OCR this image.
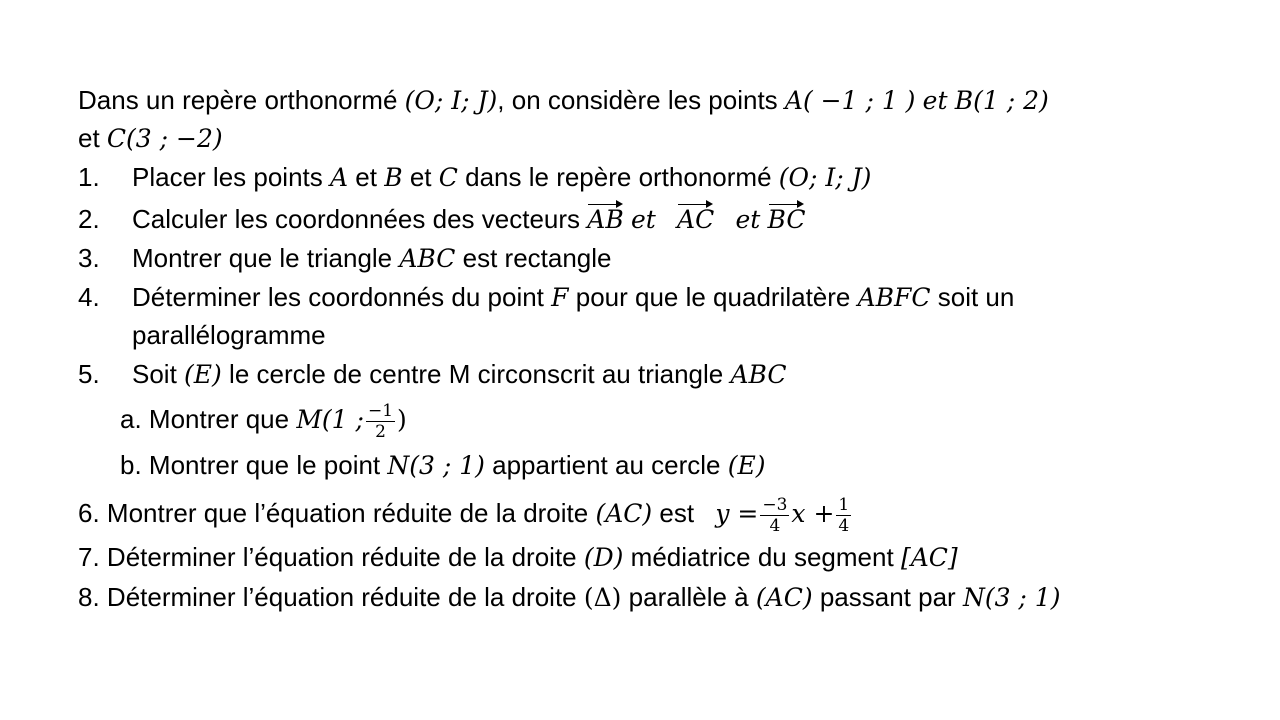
Dans un repère orthonormé (O; I; J), on considère les points A( −1 ; 1 ) et B(1 ; 2)
et C(3 ; −2)
1. Placer les points A et B et C dans le repère orthonormé (O; I; J)
2. Calculer les coordonnées des vecteurs AB et AC et BC
3. Montrer que le triangle ABC est rectangle
4. Déterminer les coordonnés du point F pour que le quadrilatère ABFC soit un
parallélogramme
5. Soit (E) le cercle de centre M circonscrit au triangle ABC
a. Montrer que M(1 ; $\frac{-1}{2}$ )
b. Montrer que le point N(3 ; 1) appartient au cercle (E)
6. Montrer que l’équation réduite de la droite (AC) est $y = \frac{-3}{4}$ $x + \frac{1}{4}$
7. Déterminer l’équation réduite de la droite (D) médiatrice du segment [AC]
8. Déterminer l’équation réduite de la droite (Δ) parallèle à (AC) passant par N(3 ; 1)
